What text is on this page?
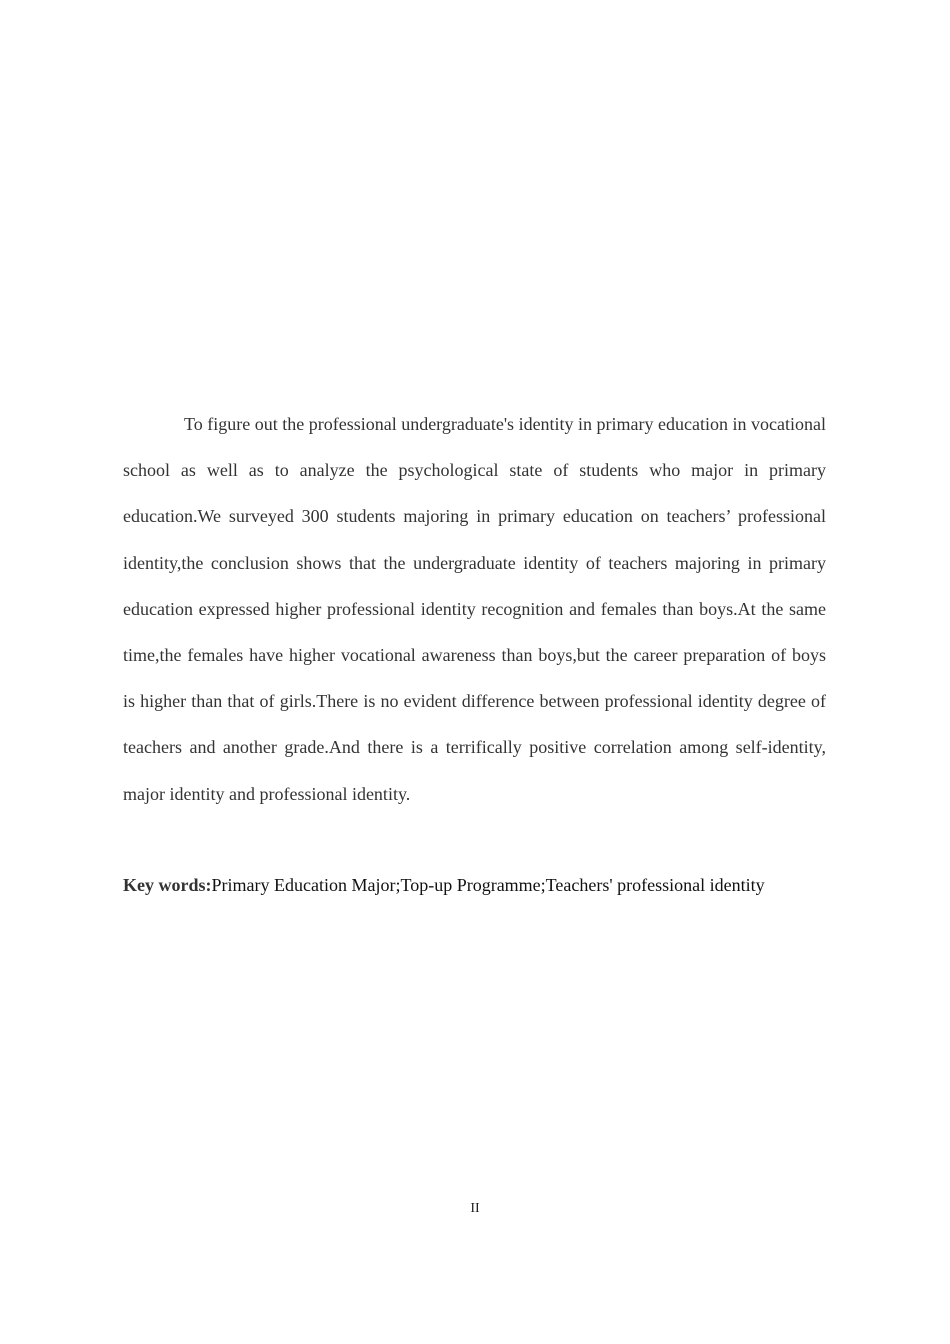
To figure out the professional undergraduate's identity in primary education in vocational school as well as to analyze the psychological state of students who major in primary education.We surveyed 300 students majoring in primary education on teachers’ professional identity,the conclusion shows that the undergraduate identity of teachers majoring in primary education expressed higher professional identity recognition and females than boys.At the same time,the females have higher vocational awareness than boys,but the career preparation of boys is higher than that of girls.There is no evident difference between professional identity degree of teachers and another grade.And there is a terrifically positive correlation among self-identity, major identity and professional identity.

Key words:Primary Education Major;Top-up Programme;Teachers' professional identity

II
